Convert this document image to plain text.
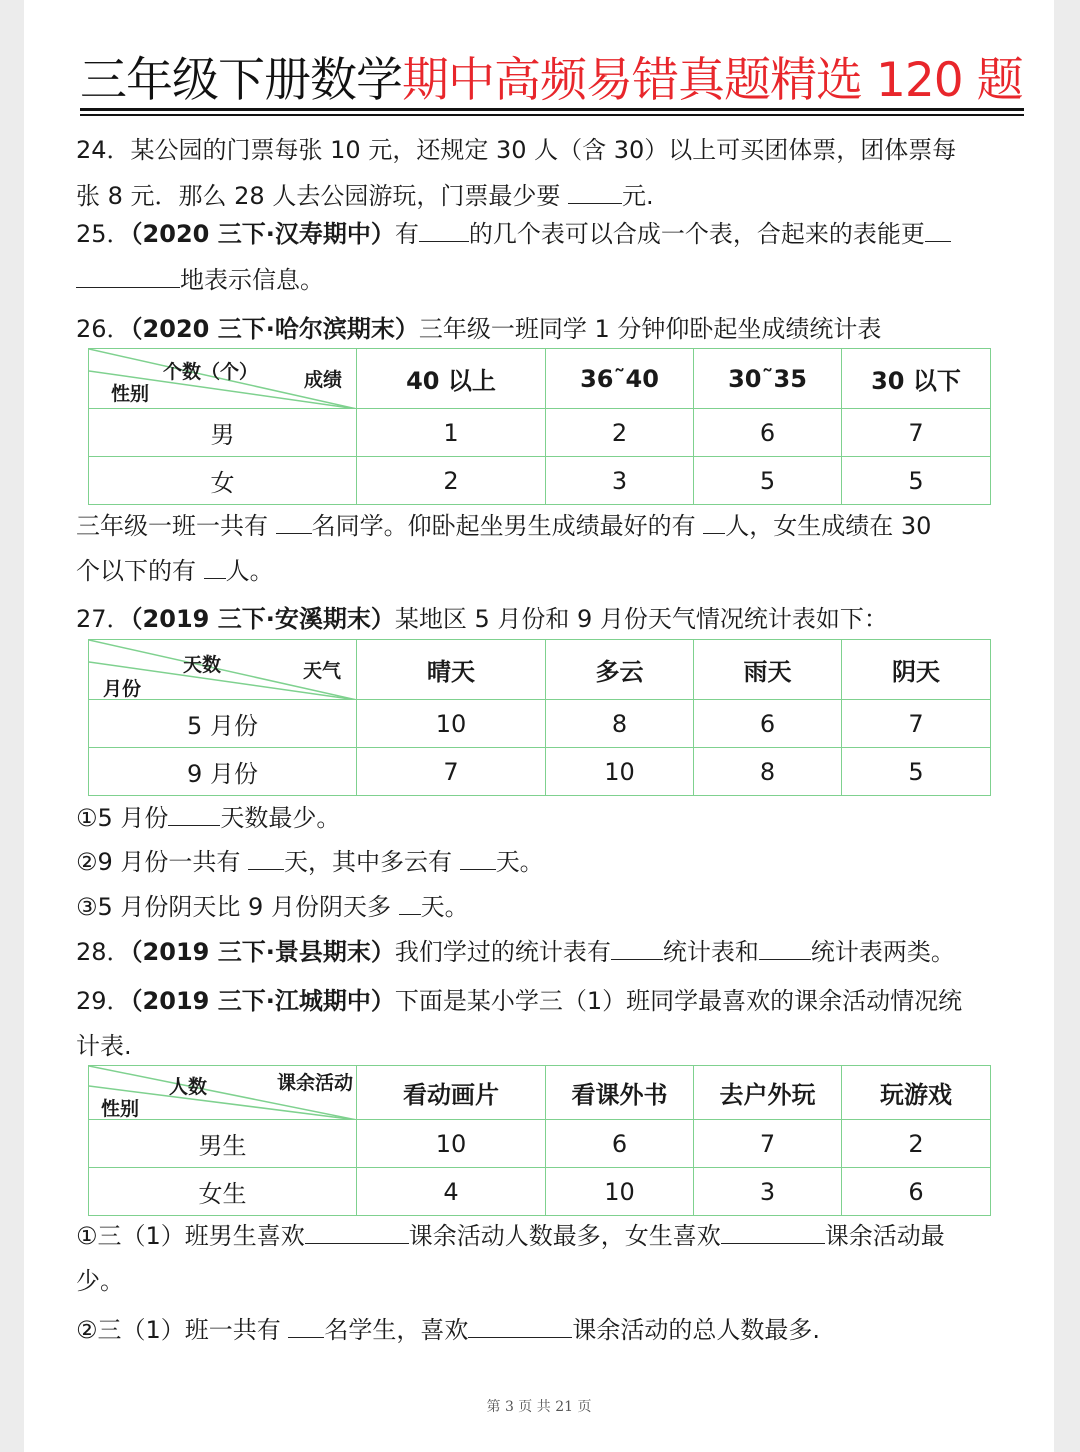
三年级下册数学期中高频易错真题精选 120 题
24．某公园的门票每张 10 元，还规定 30 人（含 30）以上可买团体票，团体票每
张 8 元．那么 28 人去公园游玩，门票最少要 元.
25．（2020 三下·汉寿期中）有 的几个表可以合成一个表，合起来的表能更
地表示信息。
26．（2020 三下·哈尔滨期末）三年级一班同学 1 分钟仰卧起坐成绩统计表
个数（个） 成绩
性别	40 以上	36˜40	30˜35	30 以下
男	1	2	6	7
女	2	3	5	5
三年级一班一共有 名同学。仰卧起坐男生成绩最好的有 人，女生成绩在 30
个以下的有 人。
27．（2019 三下·安溪期末）某地区 5 月份和 9 月份天气情况统计表如下：
天数 天气
月份	晴天	多云	雨天	阴天
5 月份	10	8	6	7
9 月份	7	10	8	5
①5 月份 天数最少。
②9 月份一共有 天，其中多云有 天。
③5 月份阴天比 9 月份阴天多 天。
28．（2019 三下·景县期末）我们学过的统计表有 统计表和 统计表两类。
29．（2019 三下·江城期中）下面是某小学三（1）班同学最喜欢的课余活动情况统
计表.
人数 课余活动
性别	看动画片	看课外书	去户外玩	玩游戏
男生	10	6	7	2
女生	4	10	3	6
①三（1）班男生喜欢	课余活动人数最多，女生喜欢	课余活动最
少。
②三（1）班一共有 名学生，喜欢	课余活动的总人数最多.
第 3 页 共 21 页
